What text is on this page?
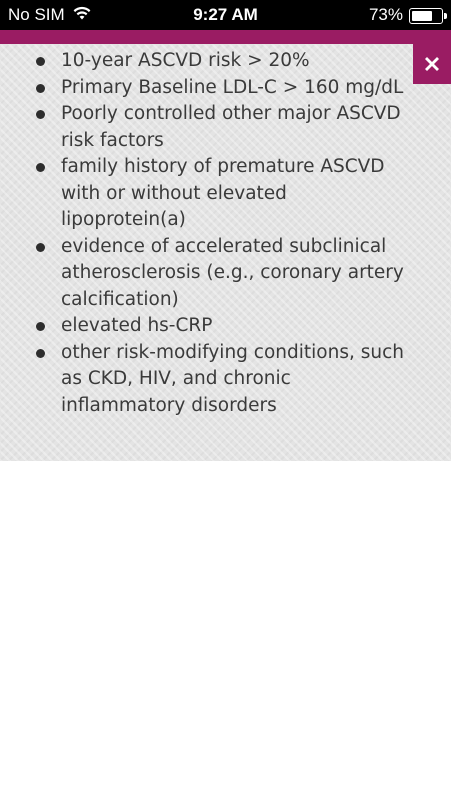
No SIM	9:27 AM	73%
10-year ASCVD risk > 20%
Primary Baseline LDL-C > 160 mg/dL
Poorly controlled other major ASCVD risk factors
family history of premature ASCVD with or without elevated lipoprotein(a)
evidence of accelerated subclinical atherosclerosis (e.g., coronary artery calcification)
elevated hs-CRP
other risk-modifying conditions, such as CKD, HIV, and chronic inflammatory disorders
